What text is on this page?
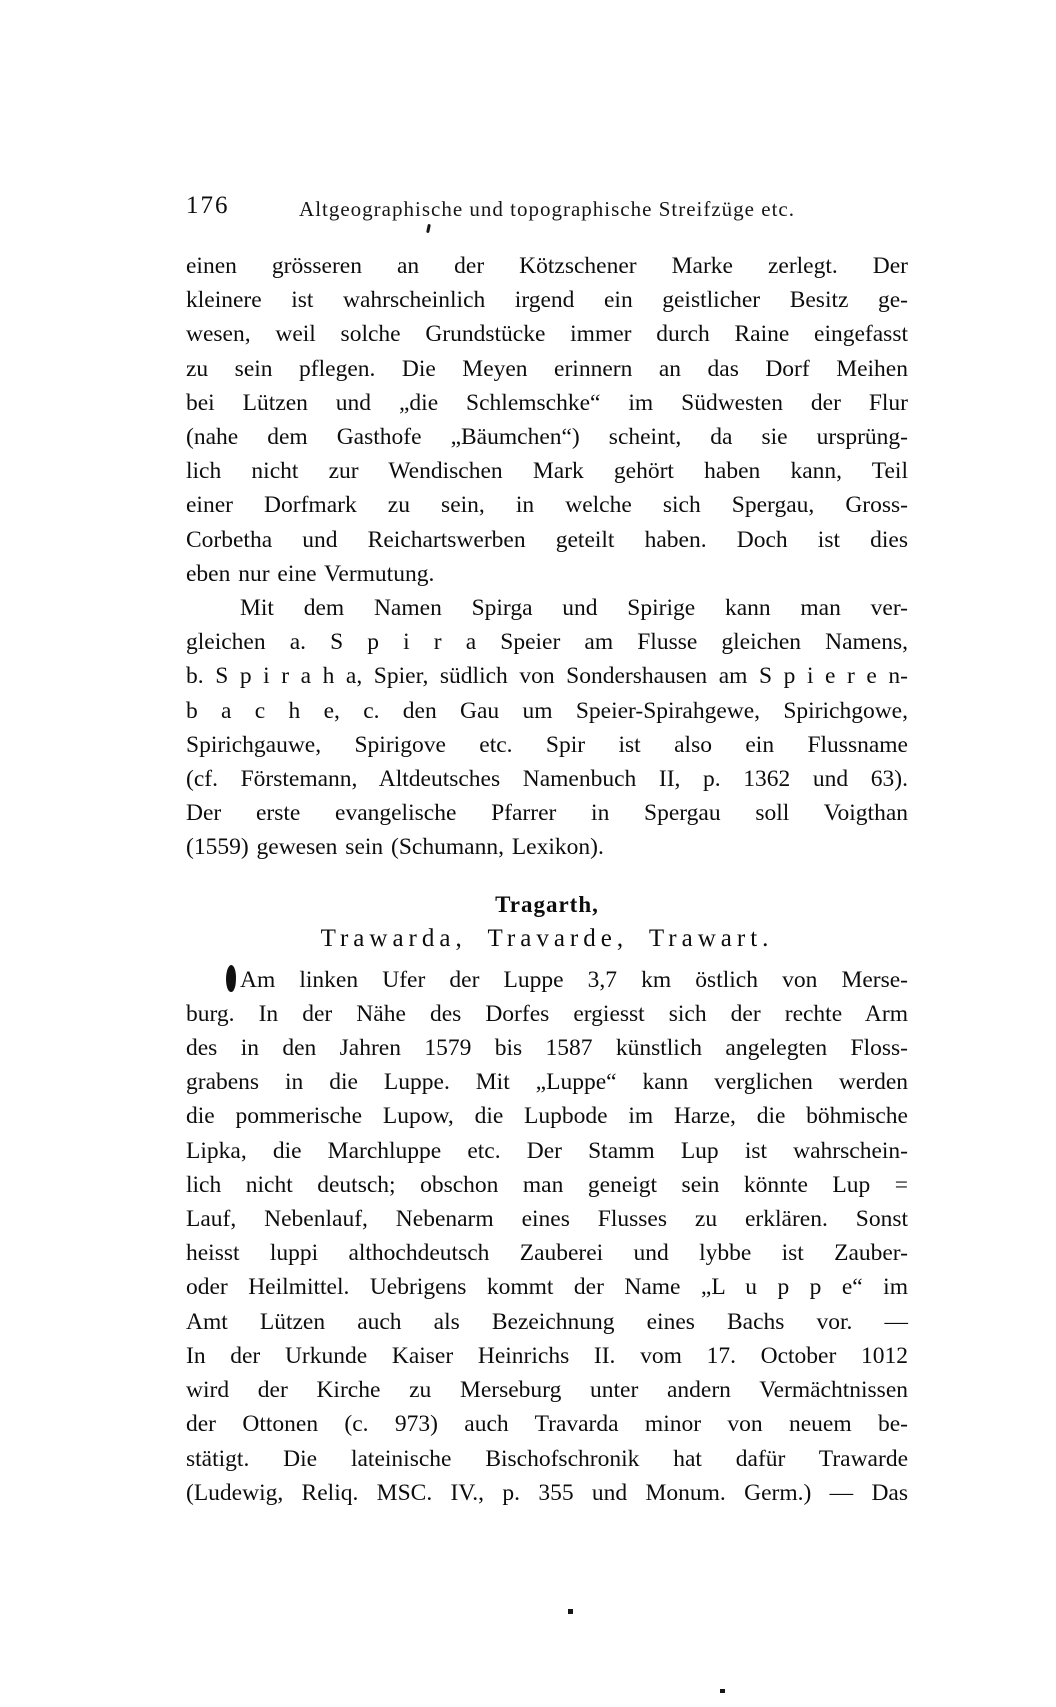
176	Altgeographische und topographische Streifzüge etc.
einen grösseren an der Kötzschener Marke zerlegt. Der
kleinere ist wahrscheinlich irgend ein geistlicher Besitz ge-
wesen, weil solche Grundstücke immer durch Raine eingefasst
zu sein pflegen. Die Meyen erinnern an das Dorf Meihen
bei Lützen und „die Schlemschke“ im Südwesten der Flur
(nahe dem Gasthofe „Bäumchen“) scheint, da sie ursprüng-
lich nicht zur Wendischen Mark gehört haben kann, Teil
einer Dorfmark zu sein, in welche sich Spergau, Gross-
Corbetha und Reichartswerben geteilt haben. Doch ist dies
eben nur eine Vermutung.
Mit dem Namen Spirga und Spirige kann man ver-
gleichen a. S p i r a Speier am Flusse gleichen Namens,
b. S p i r a h a, Spier, südlich von Sondershausen am S p i e r e n-
b a c h e, c. den Gau um Speier-Spirahgewe, Spirichgowe,
Spirichgauwe, Spirigove etc. Spir ist also ein Flussname
(cf. Förstemann, Altdeutsches Namenbuch II, p. 1362 und 63).
Der erste evangelische Pfarrer in Spergau soll Voigthan
(1559) gewesen sein (Schumann, Lexikon).
Tragarth,
Trawarda, Travarde, Trawart.
Am linken Ufer der Luppe 3,7 km östlich von Merse-
burg. In der Nähe des Dorfes ergiesst sich der rechte Arm
des in den Jahren 1579 bis 1587 künstlich angelegten Floss-
grabens in die Luppe. Mit „Luppe“ kann verglichen werden
die pommerische Lupow, die Lupbode im Harze, die böhmische
Lipka, die Marchluppe etc. Der Stamm Lup ist wahrschein-
lich nicht deutsch; obschon man geneigt sein könnte Lup =
Lauf, Nebenlauf, Nebenarm eines Flusses zu erklären. Sonst
heisst luppi althochdeutsch Zauberei und lybbe ist Zauber-
oder Heilmittel. Uebrigens kommt der Name „L u p p e“ im
Amt Lützen auch als Bezeichnung eines Bachs vor. —
In der Urkunde Kaiser Heinrichs II. vom 17. October 1012
wird der Kirche zu Merseburg unter andern Vermächtnissen
der Ottonen (c. 973) auch Travarda minor von neuem be-
stätigt. Die lateinische Bischofschronik hat dafür Trawarde
(Ludewig, Reliq. MSC. IV., p. 355 und Monum. Germ.) — Das
